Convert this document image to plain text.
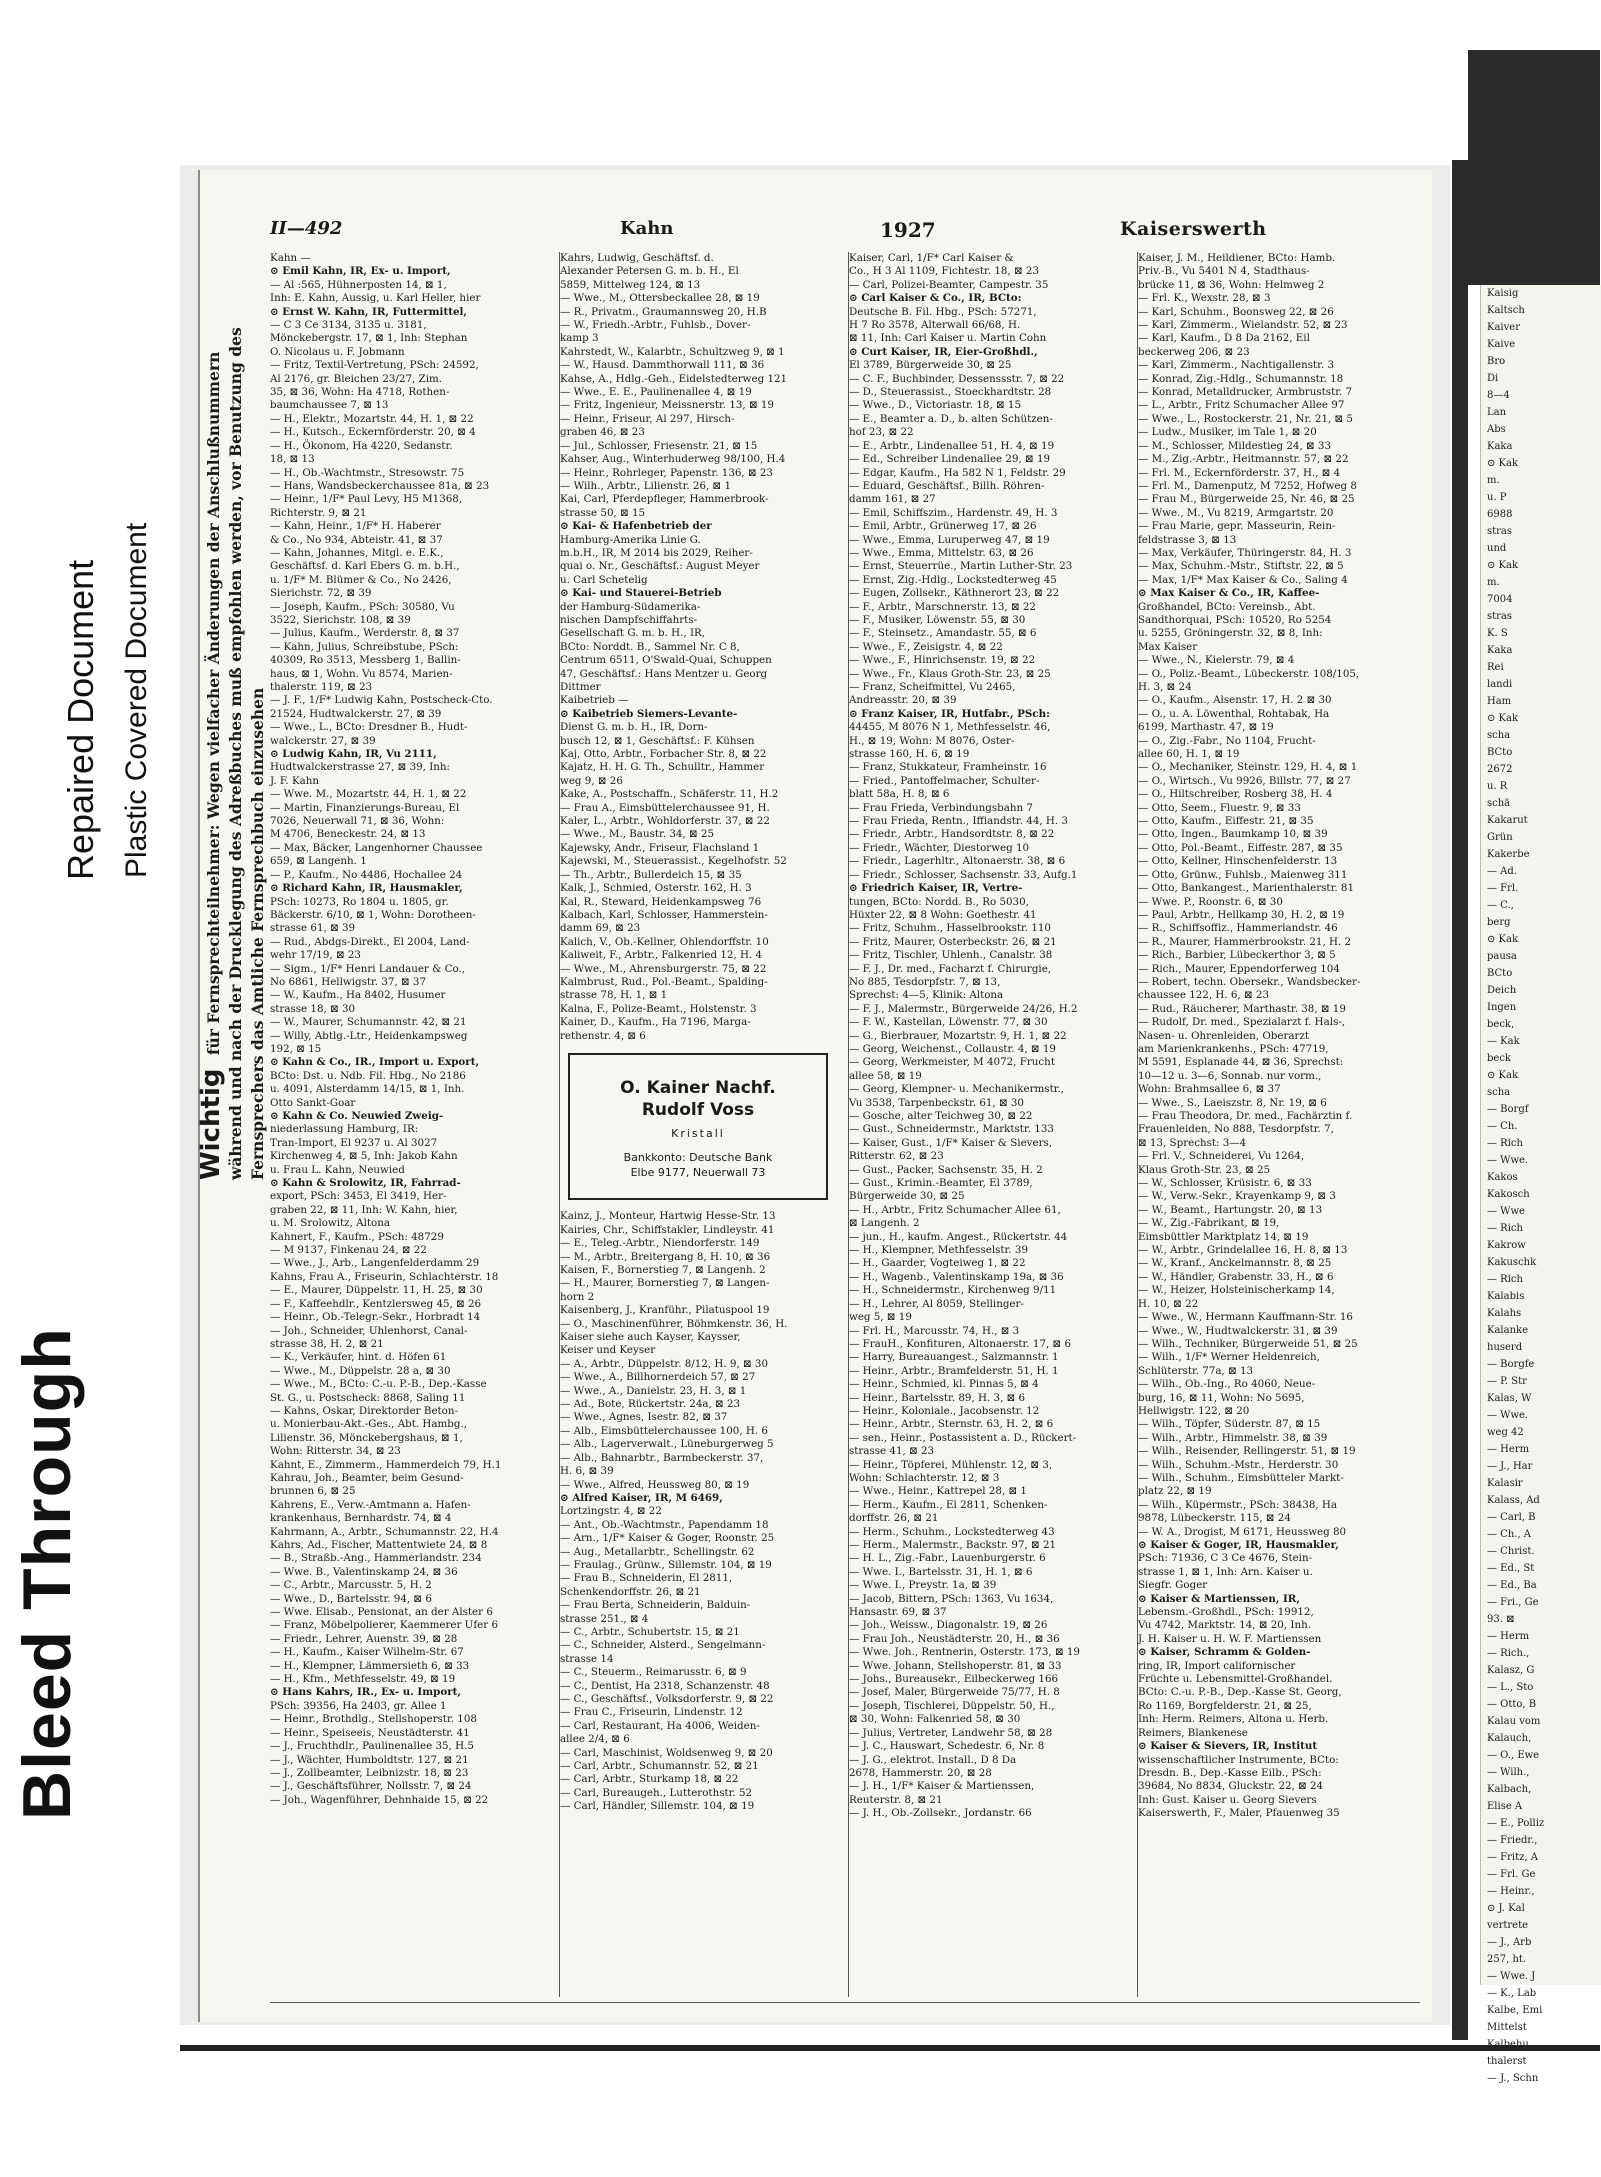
Bleed Through
Repaired Document Plastic Covered Document
II—492	Kahn	1927	Kaiserswerth
Wichtig für Fernsprechteilnehmer: Wegen vielfacher Änderungen der Anschlußnummern während und nach der Drucklegung des Adreßbuches muß empfohlen werden, vor Benutzung des Fernsprechers das Amtliche Fernsprechbuch einzusehen
Kahn —
⊙ Emil Kahn, IR, Ex- u. Import,
— Al :565, Hühnerposten 14, ⊠ 1,
Inh: E. Kahn, Aussig, u. Karl Heller, hier
⊙ Ernst W. Kahn, IR, Futtermittel,
— C 3 Ce 3134, 3135 u. 3181,
Mönckebergstr. 17, ⊠ 1, Inh: Stephan
O. Nicolaus u. F. Jobmann
— Fritz, Textil-Vertretung, PSch: 24592,
Al 2176, gr. Bleichen 23/27, Zim.
35, ⊠ 36, Wohn: Ha 4718, Rothen-
baumchaussee 7, ⊠ 13
— H., Elektr., Mozartstr. 44, H. 1, ⊠ 22
— H., Kutsch., Eckernförderstr. 20, ⊠ 4
— H., Ökonom, Ha 4220, Sedanstr.
18, ⊠ 13
— H., Ob.-Wachtmstr., Stresowstr. 75
— Hans, Wandsbeckerchaussee 81a, ⊠ 23
— Heinr., 1/F* Paul Levy, H5 M1368,
Richterstr. 9, ⊠ 21
— Kahn, Heinr., 1/F* H. Haberer
& Co., No 934, Abteistr. 41, ⊠ 37
— Kahn, Johannes, Mitgl. e. E.K.,
Geschäftsf. d. Karl Ebers G. m. b.H.,
u. 1/F* M. Blümer & Co., No 2426,
Sierichstr. 72, ⊠ 39
— Joseph, Kaufm., PSch: 30580, Vu
3522, Sierichstr. 108, ⊠ 39
— Julius, Kaufm., Werderstr. 8, ⊠ 37
— Kahn, Julius, Schreibstube, PSch:
40309, Ro 3513, Messberg 1, Ballin-
haus, ⊠ 1, Wohn. Vu 8574, Marien-
thalerstr. 119, ⊠ 23
— J. F., 1/F* Ludwig Kahn, Postscheck-Cto.
21524, Hudtwalckerstr. 27, ⊠ 39
— Wwe., L., BCto: Dresdner B., Hudt-
walckerstr. 27, ⊠ 39
⊙ Ludwig Kahn, IR, Vu 2111,
Hudtwalckerstrasse 27, ⊠ 39, Inh:
J. F. Kahn
— Wwe. M., Mozartstr. 44, H. 1, ⊠ 22
— Martin, Finanzierungs-Bureau, El
7026, Neuerwall 71, ⊠ 36, Wohn:
M 4706, Beneckestr. 24, ⊠ 13
— Max, Bäcker, Langenhorner Chaussee
659, ⊠ Langenh. 1
— P., Kaufm., No 4486, Hochallee 24
⊙ Richard Kahn, IR, Hausmakler,
PSch: 10273, Ro 1804 u. 1805, gr.
Bäckerstr. 6/10, ⊠ 1, Wohn: Dorotheen-
strasse 61, ⊠ 39
— Rud., Abdgs-Direkt., El 2004, Land-
wehr 17/19, ⊠ 23
— Sigm., 1/F* Henri Landauer & Co.,
No 6861, Hellwigstr. 37, ⊠ 37
— W., Kaufm., Ha 8402, Husumer
strasse 18, ⊠ 30
— W., Maurer, Schumannstr. 42, ⊠ 21
— Willy, Abtlg.-Ltr., Heidenkampsweg
192, ⊠ 15
⊙ Kahn & Co., IR., Import u. Export,
BCto: Dst. u. Ndb. Fil. Hbg., No 2186
u. 4091, Alsterdamm 14/15, ⊠ 1, Inh.
Otto Sankt-Goar
⊙ Kahn & Co. Neuwied Zweig-
niederlassung Hamburg, IR:
Tran-Import, El 9237 u. Al 3027
Kirchenweg 4, ⊠ 5, Inh: Jakob Kahn
u. Frau L. Kahn, Neuwied
⊙ Kahn & Srolowitz, IR, Fahrrad-
export, PSch: 3453, El 3419, Her-
graben 22, ⊠ 11, Inh: W. Kahn, hier,
u. M. Srolowitz, Altona
Kahnert, F., Kaufm., PSch: 48729
— M 9137, Finkenau 24, ⊠ 22
— Wwe., J., Arb., Langenfelderdamm 29
Kahns, Frau A., Friseurin, Schlachterstr. 18
— E., Maurer, Düppelstr. 11, H. 25, ⊠ 30
— F., Kaffeehdlr., Kentzlersweg 45, ⊠ 26
— Heinr., Ob.-Telegr.-Sekr., Horbradt 14
— Joh., Schneider, Uhlenhorst, Canal-
strasse 38, H. 2, ⊠ 21
— K., Verkäufer, hint. d. Höfen 61
— Wwe., M., Düppelstr. 28 a, ⊠ 30
— Wwe., M., BCto: C.-u. P.-B., Dep.-Kasse
St. G., u. Postscheck: 8868, Saling 11
— Kahns, Oskar, Direktorder Beton-
u. Monierbau-Akt.-Ges., Abt. Hambg.,
Lilienstr. 36, Mönckebergshaus, ⊠ 1,
Wohn: Ritterstr. 34, ⊠ 23
Kahnt, E., Zimmerm., Hammerdeich 79, H.1
Kahrau, Joh., Beamter, beim Gesund-
brunnen 6, ⊠ 25
Kahrens, E., Verw.-Amtmann a. Hafen-
krankenhaus, Bernhardstr. 74, ⊠ 4
Kahrmann, A., Arbtr., Schumannstr. 22, H.4
Kahrs, Ad., Fischer, Mattentwiete 24, ⊠ 8
— B., Straßb.-Ang., Hammerlandstr. 234
— Wwe. B., Valentinskamp 24, ⊠ 36
— C., Arbtr., Marcusstr. 5, H. 2
— Wwe., D., Bartelsstr. 94, ⊠ 6
— Wwe. Elisab., Pensionat, an der Alster 6
— Franz, Möbelpolierer, Kaemmerer Ufer 6
— Friedr., Lehrer, Auenstr. 39, ⊠ 28
— H., Kaufm., Kaiser Wilhelm-Str. 67
— H., Klempner, Lämmersieth 6, ⊠ 33
— H., Kfm., Methfesselstr. 49, ⊠ 19
⊙ Hans Kahrs, IR., Ex- u. Import,
PSch: 39356, Ha 2403, gr. Allee 1
— Heinr., Brothdlg., Stellshoperstr. 108
— Heinr., Speiseeis, Neustädterstr. 41
— J., Fruchthdlr., Paulinenallee 35, H.5
— J., Wächter, Humboldtstr. 127, ⊠ 21
— J., Zollbeamter, Leibnizstr. 18, ⊠ 23
— J., Geschäftsführer, Nollsstr. 7, ⊠ 24
— Joh., Wagenführer, Dehnhaide 15, ⊠ 22
Kahrs, Ludwig, Geschäftsf. d.
Alexander Petersen G. m. b. H., El
5859, Mittelweg 124, ⊠ 13
— Wwe., M., Ottersbeckallee 28, ⊠ 19
— R., Privatm., Graumannsweg 20, H.B
— W., Friedh.-Arbtr., Fuhlsb., Dover-
kamp 3
Kahrstedt, W., Kalarbtr., Schultzweg 9, ⊠ 1
— W., Hausd. Dammthorwall 111, ⊠ 36
Kahse, A., Hdlg.-Geh., Eidelstedterweg 121
— Wwe., E. E., Paulinenallee 4, ⊠ 19
— Fritz, Ingenieur, Meissnerstr. 13, ⊠ 19
— Heinr., Friseur, Al 297, Hirsch-
graben 46, ⊠ 23
— Jul., Schlosser, Friesenstr. 21, ⊠ 15
Kahser, Aug., Winterhuderweg 98/100, H.4
— Heinr., Rohrleger, Papenstr. 136, ⊠ 23
— Wilh., Arbtr., Lilienstr. 26, ⊠ 1
Kai, Carl, Pferdepfleger, Hammerbrook-
strasse 50, ⊠ 15
⊙ Kai- & Hafenbetrieb der
Hamburg-Amerika Linie G.
m.b.H., IR, M 2014 bis 2029, Reiher-
quai o. Nr., Geschäftsf.: August Meyer
u. Carl Schetelig
⊙ Kai- und Stauerei-Betrieb
der Hamburg-Südamerika-
nischen Dampfschiffahrts-
Gesellschaft G. m. b. H., IR,
BCto: Norddt. B., Sammel Nr. C 8,
Centrum 6511, O'Swald-Quai, Schuppen
47, Geschäftsf.: Hans Mentzer u. Georg
Dittmer
Kaibetrieb —
⊙ Kaibetrieb Siemers-Levante-
Dienst G. m. b. H., IR, Dorn-
busch 12, ⊠ 1, Geschäftsf.: F. Kühsen
Kaj, Otto, Arbtr., Forbacher Str. 8, ⊠ 22
Kajatz, H. H. G. Th., Schulltr., Hammer
weg 9, ⊠ 26
Kake, A., Postschaffn., Schäferstr. 11, H.2
— Frau A., Eimsbüttelerchaussee 91, H.
Kaler, L., Arbtr., Wohldorferstr. 37, ⊠ 22
— Wwe., M., Baustr. 34, ⊠ 25
Kajewsky, Andr., Friseur, Flachsland 1
Kajewski, M., Steuerassist., Kegelhofstr. 52
— Th., Arbtr., Bullerdeich 15, ⊠ 35
Kalk, J., Schmied, Osterstr. 162, H. 3
Kal, R., Steward, Heidenkampsweg 76
Kalbach, Karl, Schlosser, Hammerstein-
damm 69, ⊠ 23
Kalich, V., Ob.-Kellner, Ohlendorffstr. 10
Kaliweit, F., Arbtr., Falkenried 12, H. 4
— Wwe., M., Ahrensburgerstr. 75, ⊠ 22
Kalmbrust, Rud., Pol.-Beamt., Spalding-
strasse 78, H. 1, ⊠ 1
Kalna, F., Polize-Beamt., Holstenstr. 3
Kainer, D., Kaufm., Ha 7196, Marga-
rethenstr. 4, ⊠ 6
O. Kainer Nachf.
Rudolf Voss
Kristall
Bankkonto: Deutsche Bank
Elbe 9177, Neuerwall 73
Kainz, J., Monteur, Hartwig Hesse-Str. 13
Kairies, Chr., Schiffstakler, Lindleystr. 41
— E., Teleg.-Arbtr., Niendorferstr. 149
— M., Arbtr., Breitergang 8, H. 10, ⊠ 36
Kaisen, F., Bornerstieg 7, ⊠ Langenh. 2
— H., Maurer, Bornerstieg 7, ⊠ Langen-
horn 2
Kaisenberg, J., Kranführ., Pilatuspool 19
— O., Maschinenführer, Böhmkenstr. 36, H.
Kaiser siehe auch Kayser, Kaysser,
Keiser und Keyser
— A., Arbtr., Düppelstr. 8/12, H. 9, ⊠ 30
— Wwe., A., Billhornerdeich 57, ⊠ 27
— Wwe., A., Danielstr. 23, H. 3, ⊠ 1
— Ad., Bote, Rückertstr. 24a, ⊠ 23
— Wwe., Agnes, Isestr. 82, ⊠ 37
— Alb., Eimsbüttelerchaussee 100, H. 6
— Alb., Lagerverwalt., Lüneburgerweg 5
— Alb., Bahnarbtr., Barmbeckerstr. 37,
H. 6, ⊠ 39
— Wwe., Alfred, Heussweg 80, ⊠ 19
⊙ Alfred Kaiser, IR, M 6469,
Lortzingstr. 4, ⊠ 22
— Ant., Ob.-Wachtmstr., Papendamm 18
— Arn., 1/F* Kaiser & Goger, Roonstr. 25
— Aug., Metallarbtr., Schellingstr. 62
— Fraulag., Grünw., Sillemstr. 104, ⊠ 19
— Frau B., Schneiderin, El 2811,
Schenkendorffstr. 26, ⊠ 21
— Frau Berta, Schneiderin, Balduin-
strasse 251., ⊠ 4
— C., Arbtr., Schubertstr. 15, ⊠ 21
— C., Schneider, Alsterd., Sengelmann-
strasse 14
— C., Steuerm., Reimarusstr. 6, ⊠ 9
— C., Dentist, Ha 2318, Schanzenstr. 48
— C., Geschäftsf., Volksdorferstr. 9, ⊠ 22
— Frau C., Friseurin, Lindenstr. 12
— Carl, Restaurant, Ha 4006, Weiden-
allee 2/4, ⊠ 6
— Carl, Maschinist, Woldsenweg 9, ⊠ 20
— Carl, Arbtr., Schumannstr. 52, ⊠ 21
— Carl, Arbtr., Sturkamp 18, ⊠ 22
— Carl, Bureaugeh., Lutterothstr. 52
— Carl, Händler, Sillemstr. 104, ⊠ 19
Kaiser, Carl, 1/F* Carl Kaiser &
Co., H 3 Al 1109, Fichtestr. 18, ⊠ 23
— Carl, Polizei-Beamter, Campestr. 35
⊙ Carl Kaiser & Co., IR, BCto:
Deutsche B. Fil. Hbg., PSch: 57271,
H 7 Ro 3578, Alterwall 66/68, H.
⊠ 11, Inh: Carl Kaiser u. Martin Cohn
⊙ Curt Kaiser, IR, Eier-Großhdl.,
El 3789, Bürgerweide 30, ⊠ 25
— C. F., Buchbinder, Dessenssstr. 7, ⊠ 22
— D., Steuerassist., Stoeckhardtstr. 28
— Wwe., D., Victoriastr. 18, ⊠ 15
— E., Beamter a. D., b. alten Schützen-
hof 23, ⊠ 22
— E., Arbtr., Lindenallee 51, H. 4, ⊠ 19
— Ed., Schreiber Lindenallee 29, ⊠ 19
— Edgar, Kaufm., Ha 582 N 1, Feldstr. 29
— Eduard, Geschäftsf., Billh. Röhren-
damm 161, ⊠ 27
— Emil, Schiffszim., Hardenstr. 49, H. 3
— Emil, Arbtr., Grünerweg 17, ⊠ 26
— Wwe., Emma, Luruperweg 47, ⊠ 19
— Wwe., Emma, Mittelstr. 63, ⊠ 26
— Ernst, Steuerrüe., Martin Luther-Str. 23
— Ernst, Zig.-Hdlg., Lockstedterweg 45
— Eugen, Zollsekr., Käthnerort 23, ⊠ 22
— F., Arbtr., Marschnerstr. 13, ⊠ 22
— F., Musiker, Löwenstr. 55, ⊠ 30
— F., Steinsetz., Amandastr. 55, ⊠ 6
— Wwe., F., Zeisigstr. 4, ⊠ 22
— Wwe., F., Hinrichsenstr. 19, ⊠ 22
— Wwe., Fr., Klaus Groth-Str. 23, ⊠ 25
— Franz, Scheifmittel, Vu 2465,
Andreasstr. 20, ⊠ 39
⊙ Franz Kaiser, IR, Hutfabr., PSch:
44455, M 8076 N 1, Methfesselstr. 46,
H., ⊠ 19, Wohn: M 8076, Oster-
strasse 160, H. 6, ⊠ 19
— Franz, Stukkateur, Framheinstr. 16
— Fried., Pantoffelmacher, Schulter-
blatt 58a, H. 8, ⊠ 6
— Frau Frieda, Verbindungsbahn 7
— Frau Frieda, Rentn., Iffiandstr. 44, H. 3
— Friedr., Arbtr., Handsordtstr. 8, ⊠ 22
— Friedr., Wächter, Diestorweg 10
— Friedr., Lagerhltr., Altonaerstr. 38, ⊠ 6
— Friedr., Schlosser, Sachsenstr. 33, Aufg.1
⊙ Friedrich Kaiser, IR, Vertre-
tungen, BCto: Nordd. B., Ro 5030,
Hüxter 22, ⊠ 8 Wohn: Goethestr. 41
— Fritz, Schuhm., Hasselbrookstr. 110
— Fritz, Maurer, Osterbeckstr. 26, ⊠ 21
— Fritz, Tischler, Uhlenh., Canalstr. 38
— F. J., Dr. med., Facharzt f. Chirurgie,
No 885, Tesdorpfstr. 7, ⊠ 13,
Sprechst: 4—5, Klinik: Altona
— F. J., Malermstr., Bürgerweide 24/26, H.2
— F. W., Kastellan, Löwenstr. 77, ⊠ 30
— G., Bierbrauer, Mozartstr. 9, H. 1, ⊠ 22
— Georg, Weichenst., Collaustr. 4, ⊠ 19
— Georg, Werkmeister, M 4072, Frucht
allee 58, ⊠ 19
— Georg, Klempner- u. Mechanikermstr.,
Vu 3538, Tarpenbeckstr. 61, ⊠ 30
— Gosche, alter Teichweg 30, ⊠ 22
— Gust., Schneidermstr., Marktstr. 133
— Kaiser, Gust., 1/F* Kaiser & Sievers,
Ritterstr. 62, ⊠ 23
— Gust., Packer, Sachsenstr. 35, H. 2
— Gust., Krimin.-Beamter, El 3789,
Bürgerweide 30, ⊠ 25
— H., Arbtr., Fritz Schumacher Allee 61,
⊠ Langenh. 2
— jun., H., kaufm. Angest., Rückertstr. 44
— H., Klempner, Methfesselstr. 39
— H., Gaarder, Vogteiweg 1, ⊠ 22
— H., Wagenb., Valentinskamp 19a, ⊠ 36
— H., Schneidermstr., Kirchenweg 9/11
— H., Lehrer, Al 8059, Stellinger-
weg 5, ⊠ 19
— Frl. H., Marcusstr. 74, H., ⊠ 3
— FrauH., Konfituren, Altonaerstr. 17, ⊠ 6
— Harry, Bureauangest., Salzmannstr. 1
— Heinr., Arbtr., Bramfelderstr. 51, H. 1
— Heinr., Schmied, kl. Pinnas 5, ⊠ 4
— Heinr., Bartelsstr. 89, H. 3, ⊠ 6
— Heinr., Koloniale., Jacobsenstr. 12
— Heinr., Arbtr., Sternstr. 63, H. 2, ⊠ 6
— sen., Heinr., Postassistent a. D., Rückert-
strasse 41, ⊠ 23
— Heinr., Töpferei, Mühlenstr. 12, ⊠ 3,
Wohn: Schlachterstr. 12, ⊠ 3
— Wwe., Heinr., Kattrepel 28, ⊠ 1
— Herm., Kaufm., El 2811, Schenken-
dorffstr. 26, ⊠ 21
— Herm., Schuhm., Lockstedterweg 43
— Herm., Malermstr., Backstr. 97, ⊠ 21
— H. L., Zig.-Fabr., Lauenburgerstr. 6
— Wwe. I., Bartelsstr. 31, H. 1, ⊠ 6
— Wwe. I., Preystr. 1a, ⊠ 39
— Jacob, Bittern, PSch: 1363, Vu 1634,
Hansastr. 69, ⊠ 37
— Joh., Weissw., Diagonalstr. 19, ⊠ 26
— Frau Joh., Neustädterstr. 20, H., ⊠ 36
— Wwe. Joh., Rentnerin, Osterstr. 173, ⊠ 19
— Wwe. Johann, Stellshoperstr. 81, ⊠ 33
— Johs., Bureausekr., Eilbeckerweg 166
— Josef, Maler, Bürgerweide 75/77, H. 8
— Joseph, Tischlerei, Düppelstr. 50, H.,
⊠ 30, Wohn: Falkenried 58, ⊠ 30
— Julius, Vertreter, Landwehr 58, ⊠ 28
— J. C., Hauswart, Schedestr. 6, Nr. 8
— J. G., elektrot. Install., D 8 Da
2678, Hammerstr. 20, ⊠ 28
— J. H., 1/F* Kaiser & Martienssen,
Reuterstr. 8, ⊠ 21
— J. H., Ob.-Zollsekr., Jordanstr. 66
Kaiser, J. M., Heildiener, BCto: Hamb.
Priv.-B., Vu 5401 N 4, Stadthaus-
brücke 11, ⊠ 36, Wohn: Helmweg 2
— Frl. K., Wexstr. 28, ⊠ 3
— Karl, Schuhm., Boonsweg 22, ⊠ 26
— Karl, Zimmerm., Wielandstr. 52, ⊠ 23
— Karl, Kaufm., D 8 Da 2162, Eil
beckerweg 206, ⊠ 23
— Karl, Zimmerm., Nachtigallenstr. 3
— Konrad, Zig.-Hdlg., Schumannstr. 18
— Konrad, Metalldrucker, Armbruststr. 7
— L., Arbtr., Fritz Schumacher Allee 97
— Wwe., L., Rostockerstr. 21, Nr. 21, ⊠ 5
— Ludw., Musiker, im Tale 1, ⊠ 20
— M., Schlosser, Mildestieg 24, ⊠ 33
— M., Zig.-Arbtr., Heitmannstr. 57, ⊠ 22
— Frl. M., Eckernförderstr. 37, H., ⊠ 4
— Frl. M., Damenputz, M 7252, Hofweg 8
— Frau M., Bürgerweide 25, Nr. 46, ⊠ 25
— Wwe., M., Vu 8219, Armgartstr. 20
— Frau Marie, gepr. Masseurin, Rein-
feldstrasse 3, ⊠ 13
— Max, Verkäufer, Thüringerstr. 84, H. 3
— Max, Schuhm.-Mstr., Stiftstr. 22, ⊠ 5
— Max, 1/F* Max Kaiser & Co., Saling 4
⊙ Max Kaiser & Co., IR, Kaffee-
Großhandel, BCto: Vereinsb., Abt.
Sandthorquai, PSch: 10520, Ro 5254
u. 5255, Gröningerstr. 32, ⊠ 8, Inh:
Max Kaiser
— Wwe., N., Kielerstr. 79, ⊠ 4
— O., Poliz.-Beamt., Lübeckerstr. 108/105,
H. 3, ⊠ 24
— O., Kaufm., Alsenstr. 17, H. 2 ⊠ 30
— O., u. A. Löwenthal, Rohtabak, Ha
6199, Marthastr. 47, ⊠ 19
— O., Zig.-Fabr., No 1104, Frucht-
allee 60, H. 1, ⊠ 19
— O., Mechaniker, Steinstr. 129, H. 4, ⊠ 1
— O., Wirtsch., Vu 9926, Billstr. 77, ⊠ 27
— O., Hiltschreiber, Rosberg 38, H. 4
— Otto, Seem., Fluestr. 9, ⊠ 33
— Otto, Kaufm., Eiffestr. 21, ⊠ 35
— Otto, Ingen., Baumkamp 10, ⊠ 39
— Otto, Pol.-Beamt., Eiffestr. 287, ⊠ 35
— Otto, Kellner, Hinschenfelderstr. 13
— Otto, Grünw., Fuhlsb., Maienweg 311
— Otto, Bankangest., Marienthalerstr. 81
— Wwe. P., Roonstr. 6, ⊠ 30
— Paul, Arbtr., Hellkamp 30, H. 2, ⊠ 19
— R., Schiffsoffiz., Hammerlandstr. 46
— R., Maurer, Hammerbrookstr. 21, H. 2
— Rich., Barbier, Lübeckerthor 3, ⊠ 5
— Rich., Maurer, Eppendorferweg 104
— Robert, techn. Obersekr., Wandsbecker-
chaussee 122, H. 6, ⊠ 23
— Rud., Räucherer, Marthastr. 38, ⊠ 19
— Rudolf, Dr. med., Spezialarzt f. Hals-,
Nasen- u. Ohrenleiden, Oberarzt
am Marienkrankenhs., PSch: 47719,
M 5591, Esplanade 44, ⊠ 36, Sprechst:
10—12 u. 3—6, Sonnab. nur vorm.,
Wohn: Brahmsallee 6, ⊠ 37
— Wwe., S., Laeiszstr. 8, Nr. 19, ⊠ 6
— Frau Theodora, Dr. med., Fachärztin f.
Frauenleiden, No 888, Tesdorpfstr. 7,
⊠ 13, Sprechst: 3—4
— Frl. V., Schneiderei, Vu 1264,
Klaus Groth-Str. 23, ⊠ 25
— W., Schlosser, Krüsistr. 6, ⊠ 33
— W., Verw.-Sekr., Krayenkamp 9, ⊠ 3
— W., Beamt., Hartungstr. 20, ⊠ 13
— W., Zig.-Fabrikant, ⊠ 19,
Eimsbüttler Marktplatz 14, ⊠ 19
— W., Arbtr., Grindelallee 16, H. 8, ⊠ 13
— W., Kranf., Anckelmannstr. 8, ⊠ 25
— W., Händler, Grabenstr. 33, H., ⊠ 6
— W., Heizer, Holsteinischerkamp 14,
H. 10, ⊠ 22
— Wwe., W., Hermann Kauffmann-Str. 16
— Wwe., W., Hudtwalckerstr. 31, ⊠ 39
— Wilh., Techniker, Bürgerweide 51, ⊠ 25
— Wilh., 1/F* Werner Heldenreich,
Schlüterstr. 77a, ⊠ 13
— Wilh., Ob.-Ing., Ro 4060, Neue-
burg, 16, ⊠ 11, Wohn: No 5695,
Hellwigstr. 122, ⊠ 20
— Wilh., Töpfer, Süderstr. 87, ⊠ 15
— Wilh., Arbtr., Himmelstr. 38, ⊠ 39
— Wilh., Reisender, Rellingerstr. 51, ⊠ 19
— Wilh., Schuhm.-Mstr., Herderstr. 30
— Wilh., Schuhm., Eimsbütteler Markt-
platz 22, ⊠ 19
— Wilh., Küpermstr., PSch: 38438, Ha
9878, Lübeckerstr. 115, ⊠ 24
— W. A., Drogist, M 6171, Heussweg 80
⊙ Kaiser & Goger, IR, Hausmakler,
PSch: 71936, C 3 Ce 4676, Stein-
strasse 1, ⊠ 1, Inh: Arn. Kaiser u.
Siegfr. Goger
⊙ Kaiser & Martienssen, IR,
Lebensm.-Großhdl., PSch: 19912,
Vu 4742, Marktstr. 14, ⊠ 20, Inh.
J. H. Kaiser u. H. W. F. Martienssen
⊙ Kaiser, Schramm & Golden-
ring, IR, Import californischer
Früchte u. Lebensmittel-Großhandel.
BCto: C.-u. P.-B., Dep.-Kasse St. Georg,
Ro 1169, Borgfelderstr. 21, ⊠ 25,
Inh: Herm. Reimers, Altona u. Herb.
Reimers, Blankenese
⊙ Kaiser & Sievers, IR, Institut
wissenschaftlicher Instrumente, BCto:
Dresdn. B., Dep.-Kasse Eilb., PSch:
39684, No 8834, Gluckstr. 22, ⊠ 24
Inh: Gust. Kaiser u. Georg Sievers
Kaiserswerth, F., Maler, Pfauenweg 35
Kaisig
Kaltsch
Kaiver
Kaive
Bro
Di
8—4
Lan
Abs
Kaka
⊙ Kak
m.
u. P
6988
stras
und
⊙ Kak
m.
7004
stras
K. S
Kaka
Rei
landi
Ham
⊙ Kak
scha
BCto
2672
u. R
schä
Kakarut
Grün
Kakerbe
— Ad.
— Frl.
— C.,
berg
⊙ Kak
pausa
BCto
Deich
Ingen
beck,
— Kak
beck
⊙ Kak
scha
— Borgf
— Ch.
— Rich
— Wwe.
Kakos
Kakosch
— Wwe
— Rich
Kakrow
Kakuschk
— Rich
Kalabis
Kalahs
Kalanke
huserd
— Borgfe
— P. Str
Kalas, W
— Wwe.
weg 42
— Herm
— J., Har
Kalasir
Kalass, Ad
— Carl, B
— Ch., A
— Christ.
— Ed., St
— Ed., Ba
— Fri., Ge
93. ⊠
— Herm
— Rich.,
Kalasz, G
— L., Sto
— Otto, B
Kalau vom
Kalauch,
— O., Ewe
— Wilh.,
Kalbach,
Elise A
— E., Polliz
— Friedr.,
— Fritz, A
— Frl. Ge
— Heinr.,
⊙ J. Kal
vertrete
— J., Arb
257, ht.
— Wwe. J
— K., Lab
Kalbe, Emi
Mittelst
thalerst
— J., Schn
